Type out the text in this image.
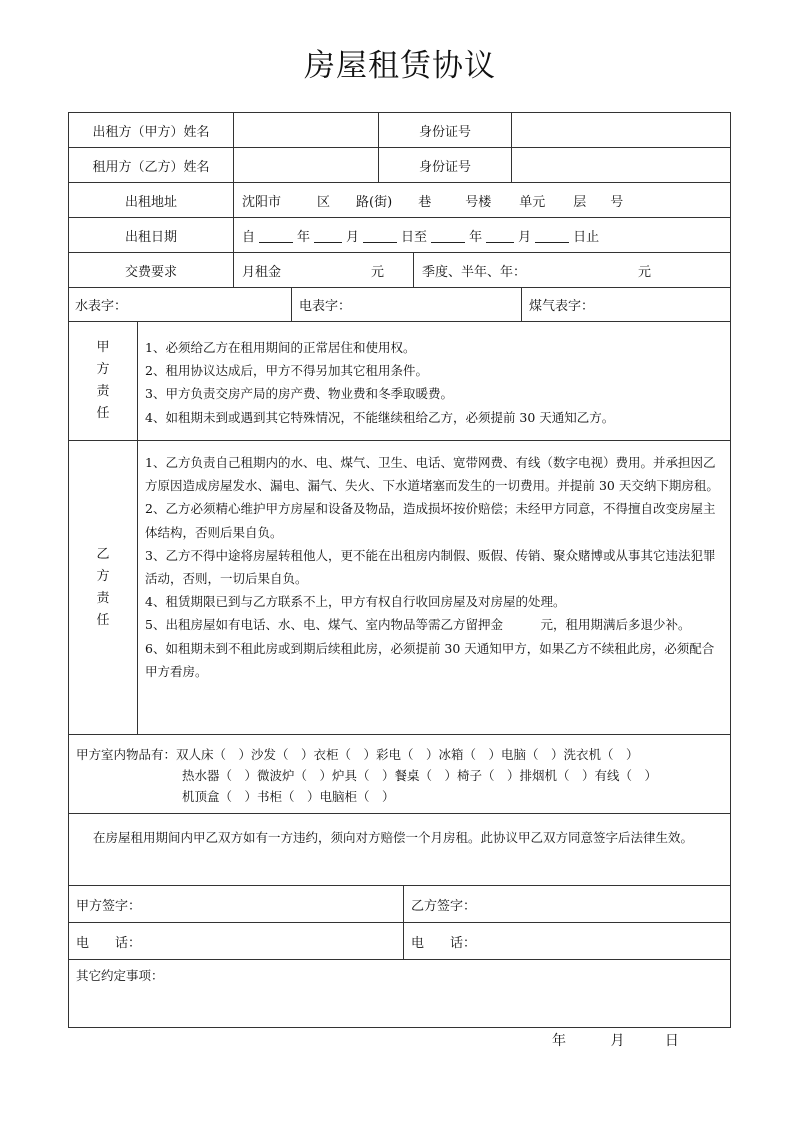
房屋租赁协议
出租方（甲方）姓名	身份证号
租用方（乙方）姓名	身份证号
出租地址	沈阳市	区 路(街) 巷	号楼 单元 层 号
出租日期	自	年	月	日至	年	月	日止
交费要求	月租金	元	季度、半年、年：	元
水表字：	电表字：	煤气表字：
甲
方
责
任

1、必须给乙方在租用期间的正常居住和使用权。

2、租用协议达成后，甲方不得另加其它租用条件。

3、甲方负责交房产局的房产费、物业费和冬季取暖费。

4、如租期未到或遇到其它特殊情况，不能继续租给乙方，必须提前 30 天通知乙方。

乙
方
责
任

1、乙方负责自己租期内的水、电、煤气、卫生、电话、宽带网费、有线（数字电视）费用。并承担因乙方原因造成房屋发水、漏电、漏气、失火、下水道堵塞而发生的一切费用。并提前 30 天交纳下期房租。

2、乙方必须精心维护甲方房屋和设备及物品，造成损坏按价赔偿；未经甲方同意，不得擅自改变房屋主体结构，否则后果自负。

3、乙方不得中途将房屋转租他人，更不能在出租房内制假、贩假、传销、聚众赌博或从事其它违法犯罪活动，否则，一切后果自负。

4、租赁期限已到与乙方联系不上，甲方有权自行收回房屋及对房屋的处理。

5、出租房屋如有电话、水、电、煤气、室内物品等需乙方留押金　　　元，租用期满后多退少补。

6、如租期未到不租此房或到期后续租此房，必须提前 30 天通知甲方，如果乙方不续租此房，必须配合甲方看房。

甲方室内物品有：双人床（　）沙发（　）衣柜（　）彩电（　）冰箱（　）电脑（　）洗衣机（　）
热水器（　）微波炉（　）炉具（　）餐桌（　）椅子（　）排烟机（　）有线（　）
机顶盒（　）书柜（　）电脑柜（　）
在房屋租用期间内甲乙双方如有一方违约，须向对方赔偿一个月房租。此协议甲乙双方同意签字后法律生效。
甲方签字：	乙方签字：
电　　话：	电　　话：
其它约定事项：
年	月	日
